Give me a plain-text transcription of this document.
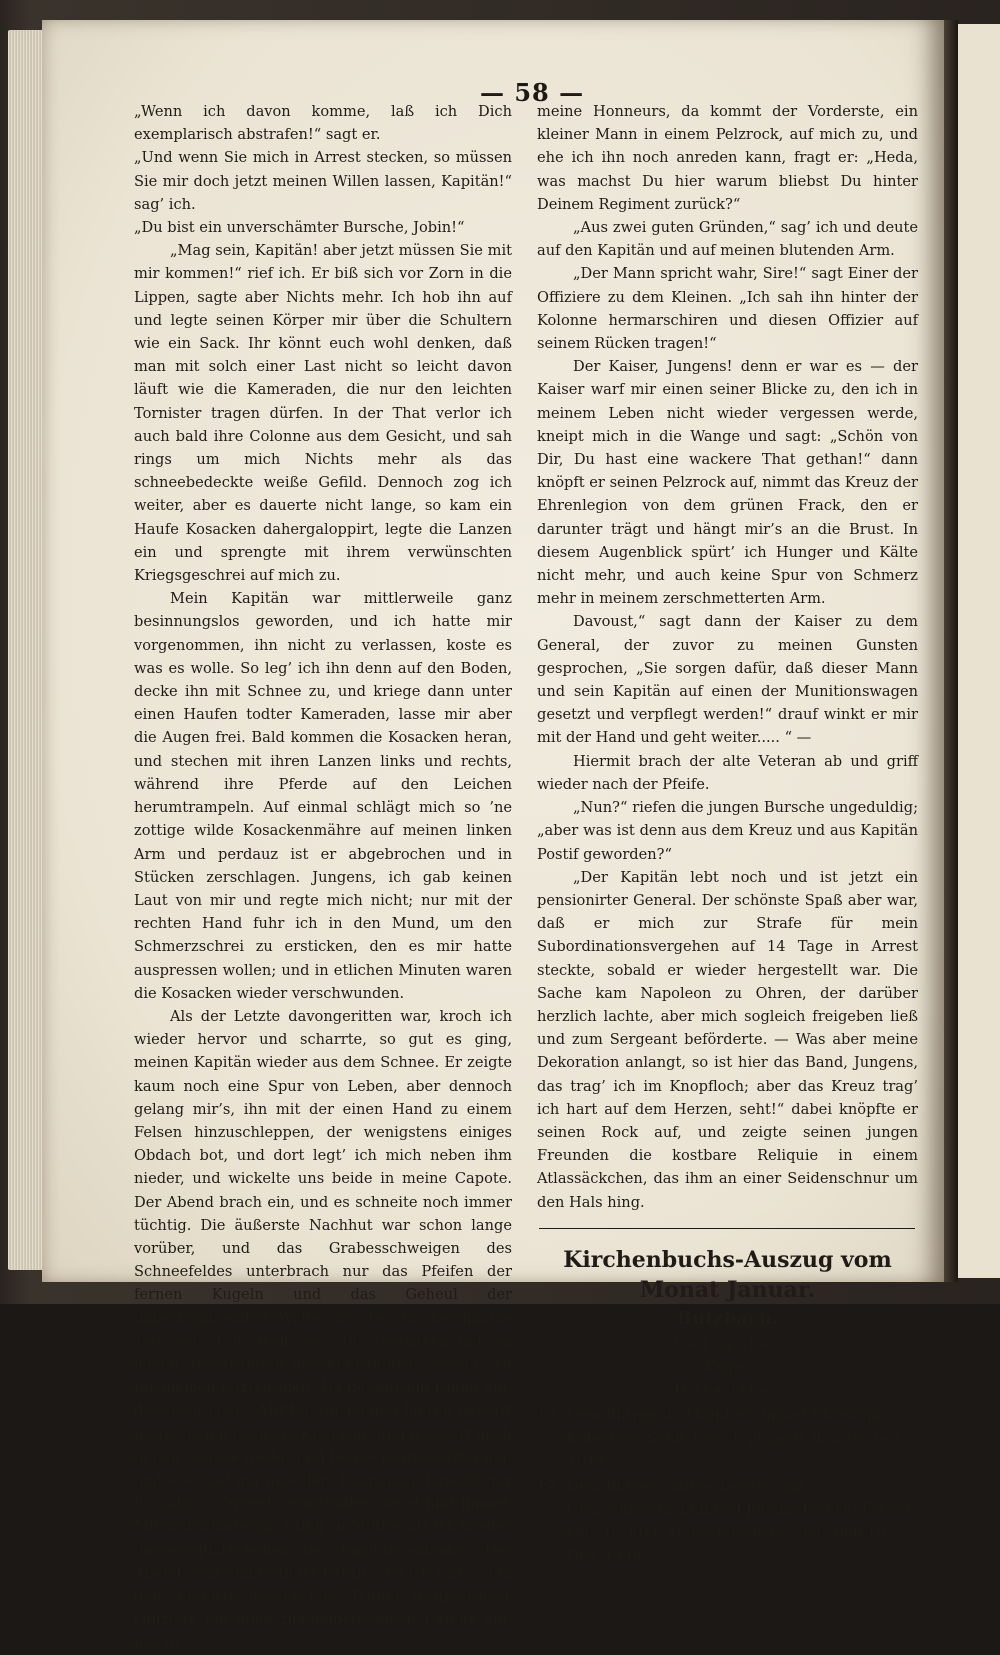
— 58 —

„Wenn ich davon komme, laß ich Dich exemplarisch abstrafen!“ sagt er.

„Und wenn Sie mich in Arrest stecken, so müssen Sie mir doch jetzt meinen Willen lassen, Kapitän!“ sag’ ich.

„Du bist ein unverschämter Bursche, Jobin!“

„Mag sein, Kapitän! aber jetzt müssen Sie mit mir kommen!“ rief ich. Er biß sich vor Zorn in die Lippen, sagte aber Nichts mehr. Ich hob ihn auf und legte seinen Körper mir über die Schultern wie ein Sack. Ihr könnt euch wohl denken, daß man mit solch einer Last nicht so leicht davon läuft wie die Kameraden, die nur den leichten Tornister tragen dürfen. In der That verlor ich auch bald ihre Colonne aus dem Gesicht, und sah rings um mich Nichts mehr als das schneebedeckte weiße Gefild. Dennoch zog ich weiter, aber es dauerte nicht lange, so kam ein Haufe Kosacken dahergaloppirt, legte die Lanzen ein und sprengte mit ihrem verwünschten Kriegsgeschrei auf mich zu.

Mein Kapitän war mittlerweile ganz besinnungslos geworden, und ich hatte mir vorgenommen, ihn nicht zu verlassen, koste es was es wolle. So leg’ ich ihn denn auf den Boden, decke ihn mit Schnee zu, und kriege dann unter einen Haufen todter Kameraden, lasse mir aber die Augen frei. Bald kommen die Kosacken heran, und stechen mit ihren Lanzen links und rechts, während ihre Pferde auf den Leichen herumtrampeln. Auf einmal schlägt mich so ’ne zottige wilde Kosackenmähre auf meinen linken Arm und perdauz ist er abgebrochen und in Stücken zerschlagen. Jungens, ich gab keinen Laut von mir und regte mich nicht; nur mit der rechten Hand fuhr ich in den Mund, um den Schmerzschrei zu ersticken, den es mir hatte auspressen wollen; und in etlichen Minuten waren die Kosacken wieder verschwunden.

Als der Letzte davongeritten war, kroch ich wieder hervor und scharrte, so gut es ging, meinen Kapitän wieder aus dem Schnee. Er zeigte kaum noch eine Spur von Leben, aber dennoch gelang mir’s, ihn mit der einen Hand zu einem Felsen hinzuschleppen, der wenigstens einiges Obdach bot, und dort legt’ ich mich neben ihm nieder, und wickelte uns beide in meine Capote. Der Abend brach ein, und es schneite noch immer tüchtig. Die äußerste Nachhut war schon lange vorüber, und das Grabesschweigen des Schneefeldes unterbrach nur das Pfeifen der fernen Kugeln und das Geheul der näherkommenden Wölfe, welche die Leichname zerrissen. Gott weiß was für Gedanken mir an jenem Abend durch den Kopf gingen, welche ich für meinen letzten hielt. Da fiel mir ein Gebet ein, das mich meine Mutter vor langen Jahren gelehrt hatte, da ich noch ein Kind war, und ich warf mich in den Schnee nieder und betete es inbrünstig her, und — es hat mir geholfen, Jungen! und glaubt mir fürwahr, so ’n recht ernsthaftes Gebet hilft immer. Mir war wunderbar ruhig zu Muthe, als ich wieder meinen Platz neben dem Kapitän einnahm. Der Abend sank immer tiefer heran, und ich war schon ganz erstarrt, als ich eine Truppe französischer Offiziere auf mich zukommen sah. Ich stehe auf, mache

meine Honneurs, da kommt der Vorderste, ein kleiner Mann in einem Pelzrock, auf mich zu, und ehe ich ihn noch anreden kann, fragt er: „Heda, was machst Du hier warum bliebst Du hinter Deinem Regiment zurück?“

„Aus zwei guten Gründen,“ sag’ ich und deute auf den Kapitän und auf meinen blutenden Arm.

„Der Mann spricht wahr, Sire!“ sagt Einer der Offiziere zu dem Kleinen. „Ich sah ihn hinter der Kolonne hermarschiren und diesen Offizier auf seinem Rücken tragen!“

Der Kaiser, Jungens! denn er war es — der Kaiser warf mir einen seiner Blicke zu, den ich in meinem Leben nicht wieder vergessen werde, kneipt mich in die Wange und sagt: „Schön von Dir, Du hast eine wackere That gethan!“ dann knöpft er seinen Pelzrock auf, nimmt das Kreuz der Ehrenlegion von dem grünen Frack, den er darunter trägt und hängt mir’s an die Brust. In diesem Augenblick spürt’ ich Hunger und Kälte nicht mehr, und auch keine Spur von Schmerz mehr in meinem zerschmetterten Arm.

Davoust,“ sagt dann der Kaiser zu dem General, der zuvor zu meinen Gunsten gesprochen, „Sie sorgen dafür, daß dieser Mann und sein Kapitän auf einen der Munitionswagen gesetzt und verpflegt werden!“ drauf winkt er mir mit der Hand und geht weiter..... “ —

Hiermit brach der alte Veteran ab und griff wieder nach der Pfeife.

„Nun?“ riefen die jungen Bursche ungeduldig; „aber was ist denn aus dem Kreuz und aus Kapitän Postif geworden?“

„Der Kapitän lebt noch und ist jetzt ein pensionirter General. Der schönste Spaß aber war, daß er mich zur Strafe für mein Subordinationsvergehen auf 14 Tage in Arrest steckte, sobald er wieder hergestellt war. Die Sache kam Napoleon zu Ohren, der darüber herzlich lachte, aber mich sogleich freigeben ließ und zum Sergeant beförderte. — Was aber meine Dekoration anlangt, so ist hier das Band, Jungens, das trag’ ich im Knopfloch; aber das Kreuz trag’ ich hart auf dem Herzen, seht!“ dabei knöpfte er seinen Rock auf, und zeigte seinen jungen Freunden die kostbare Reliquie in einem Atlassäckchen, das ihm an einer Seidenschnur um den Hals hing.

Kirchenbuchs-Auszug vom Monat Januar.

Butzbach.

Getraute:

Keine.

Getaufte:

15. Dem Bürger und Kupferschmied Christoph Kobelt ein Sohn, Christoph, geb. den 16. Dez. 1849.
17. Dem Bürger, Sattlermeister und Gemeinderathsmitglied Johann Ludwig Ferber eine Tochter, Maria Elisabethe geb. den 19. Dez. 1849.
